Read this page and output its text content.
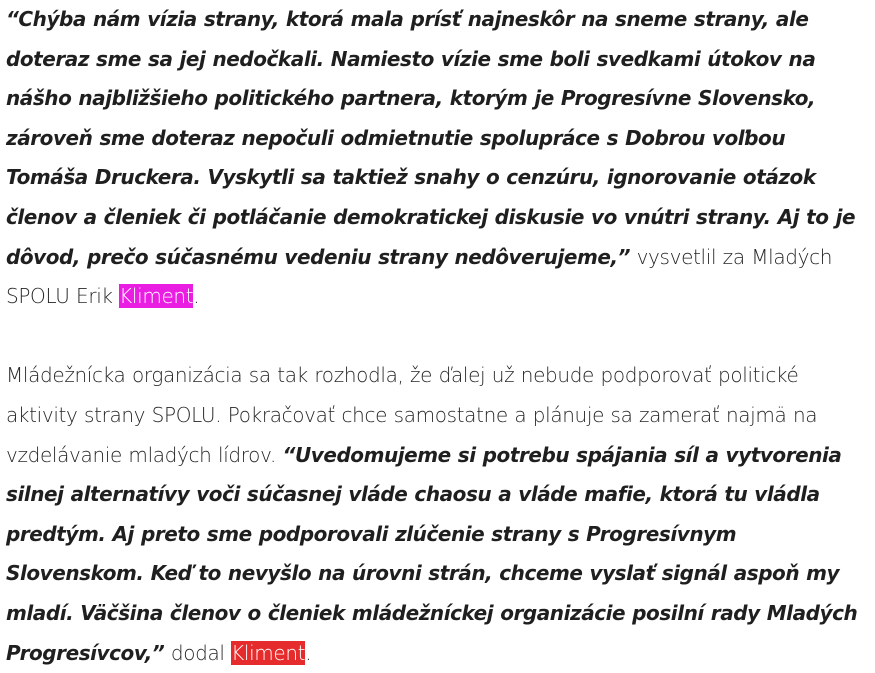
“Chýba nám vízia strany, ktorá mala prísť najneskôr na sneme strany, ale doteraz sme sa jej nedočkali. Namiesto vízie sme boli svedkami útokov na nášho najbližšieho politického partnera, ktorým je Progresívne Slovensko, zároveň sme doteraz nepočuli odmietnutie spolupráce s Dobrou voľbou Tomáša Druckera. Vyskytli sa taktiež snahy o cenzúru, ignorovanie otázok členov a členiek či potláčanie demokratickej diskusie vo vnútri strany. Aj to je dôvod, prečo súčasnému vedeniu strany nedôverujeme,” vysvetlil za Mladých SPOLU Erik Kliment.

Mládežnícka organizácia sa tak rozhodla, že ďalej už nebude podporovať politické aktivity strany SPOLU. Pokračovať chce samostatne a plánuje sa zamerať najmä na vzdelávanie mladých lídrov. “Uvedomujeme si potrebu spájania síl a vytvorenia silnej alternatívy voči súčasnej vláde chaosu a vláde mafie, ktorá tu vládla predtým. Aj preto sme podporovali zlúčenie strany s Progresívnym Slovenskom. Keď to nevyšlo na úrovni strán, chceme vyslať signál aspoň my mladí. Väčšina členov o členiek mládežníckej organizácie posilní rady Mladých Progresívcov,” dodal Kliment.
